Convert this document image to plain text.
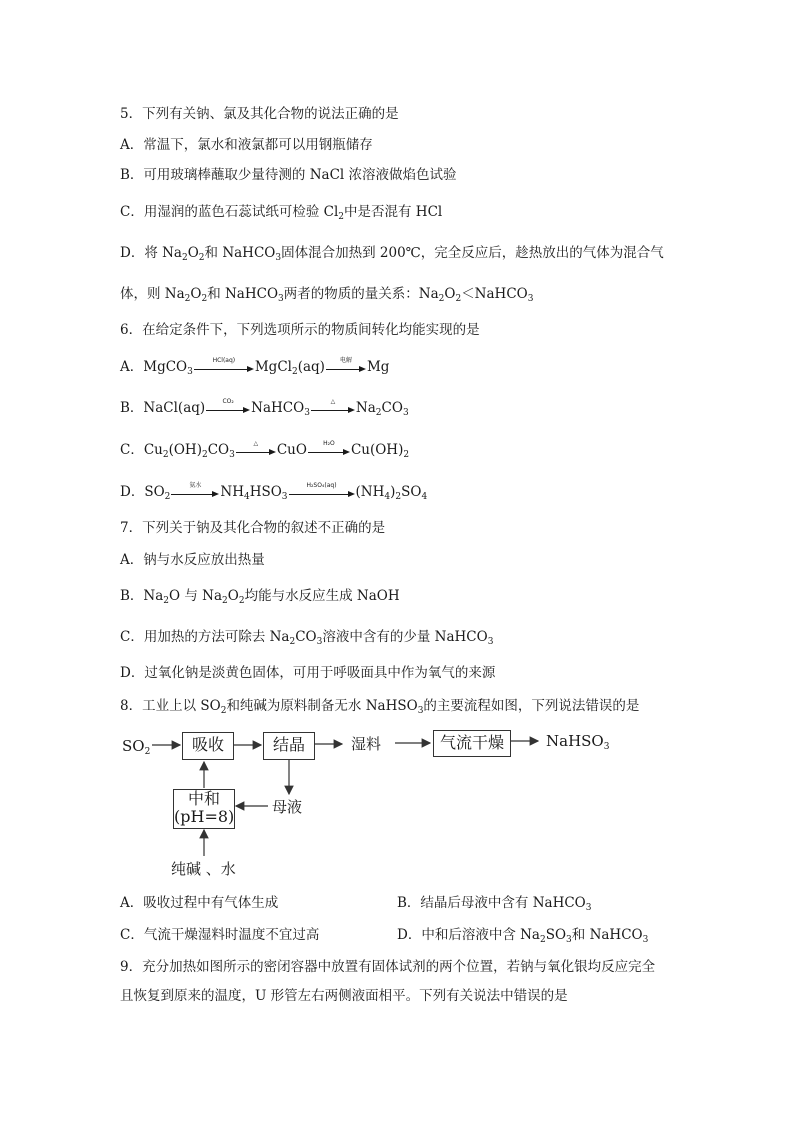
5．下列有关钠、氯及其化合物的说法正确的是
A．常温下，氯水和液氯都可以用钢瓶储存
B．可用玻璃棒蘸取少量待测的 NaCl 浓溶液做焰色试验
C．用湿润的蓝色石蕊试纸可检验 $Cl_2$中是否混有 HCl
D．将 $Na_2O_2$和 NaHCO$_3$固体混合加热到 200℃，完全反应后，趁热放出的气体为混合气
体，则 $Na_2O_2$和 NaHCO$_3$两者的物质的量关系：$Na_2O_2<NaHCO_3$
6．在给定条件下，下列选项所示的物质间转化均能实现的是
A．MgCO$_3$
HCl(aq)	MgCl$_2$(aq)	电解	Mg
B．NaCl(aq)	CO₂	NaHCO$_3$
△	$Na_2CO_3$
C．$Cu_2(OH)_2CO_3$
△	CuO	H₂O	$Cu(OH)_2$
D．$SO_2$
氨水	$NH_4HSO_3$
H₂SO₄(aq)	$(NH_4)_2SO_4$
7．下列关于钠及其化合物的叙述不正确的是
A．钠与水反应放出热量
B．$Na_2O$ 与 $Na_2O_2$均能与水反应生成 NaOH
C．用加热的方法可除去 $Na_2CO_3$溶液中含有的少量 NaHCO$_3$
D．过氧化钠是淡黄色固体，可用于呼吸面具中作为氧气的来源
8．工业上以 $SO_2$和纯碱为原料制备无水 NaHSO$_3$的主要流程如图，下列说法错误的是
$SO_2$	吸收	结晶	湿料	气流干燥	NaHSO$_3$
中和
(pH=8)	母液
纯碱 、水
A．吸收过程中有气体生成	B．结晶后母液中含有 NaHCO$_3$
C．气流干燥湿料时温度不宜过高	D．中和后溶液中含 $Na_2SO_3$和 NaHCO$_3$
9．充分加热如图所示的密闭容器中放置有固体试剂的两个位置，若钠与氧化银均反应完全
且恢复到原来的温度，U 形管左右两侧液面相平。下列有关说法中错误的是
